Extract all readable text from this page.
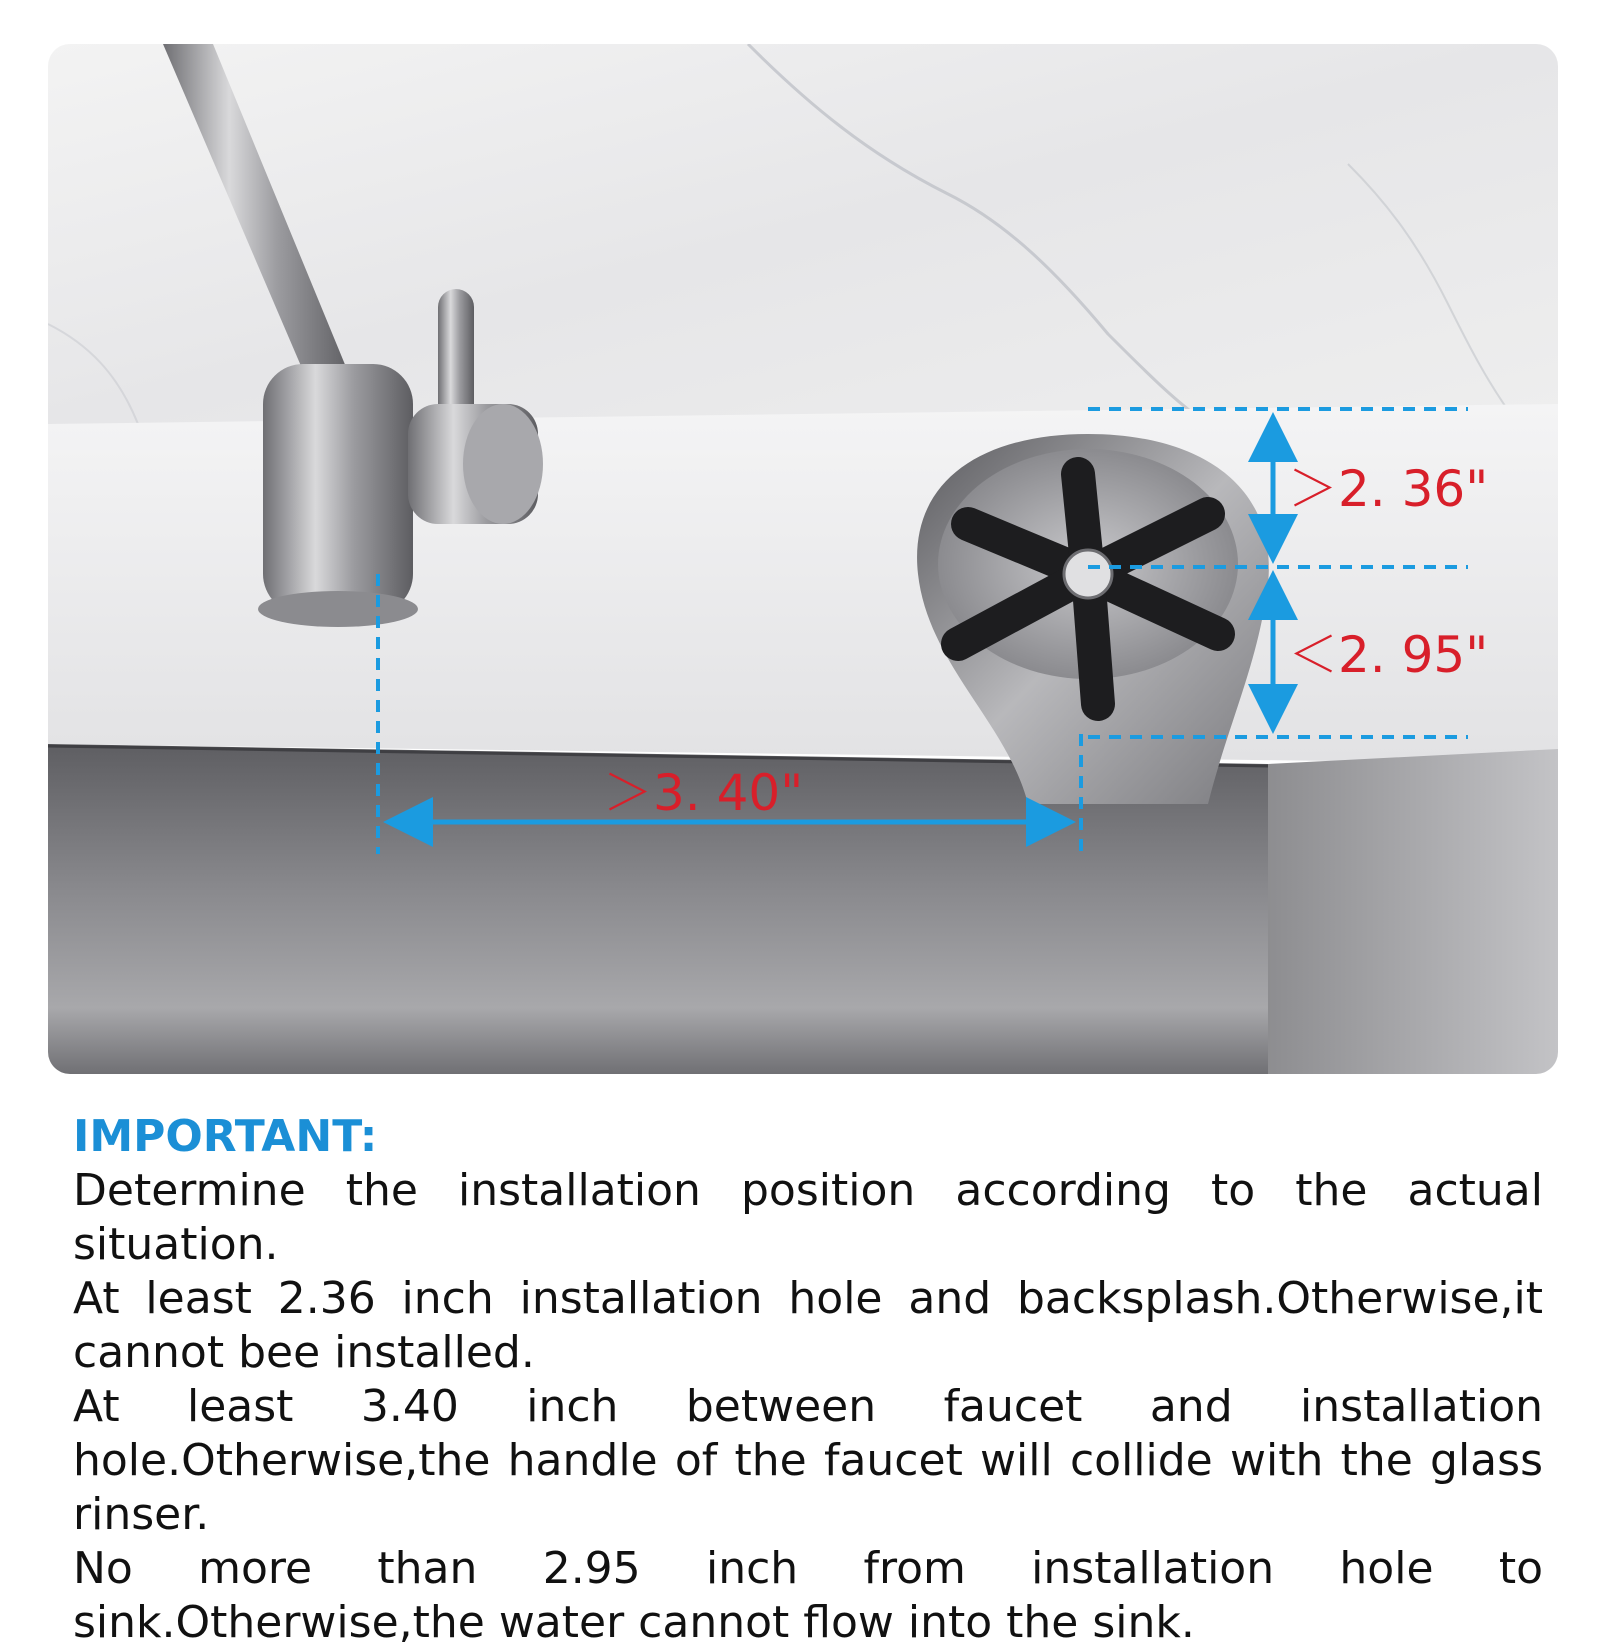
＞2. 36"
＜2. 95"
＞3. 40"
IMPORTANT:

Determine the installation position according to the actual situation.

At least 2.36 inch installation hole and backsplash.Otherwise,it cannot bee installed.

At least 3.40 inch between faucet and installation hole.Otherwise,the handle of the faucet will collide with the glass rinser.

No more than 2.95 inch from installation hole to sink.Otherwise,the water cannot flow into the sink.
